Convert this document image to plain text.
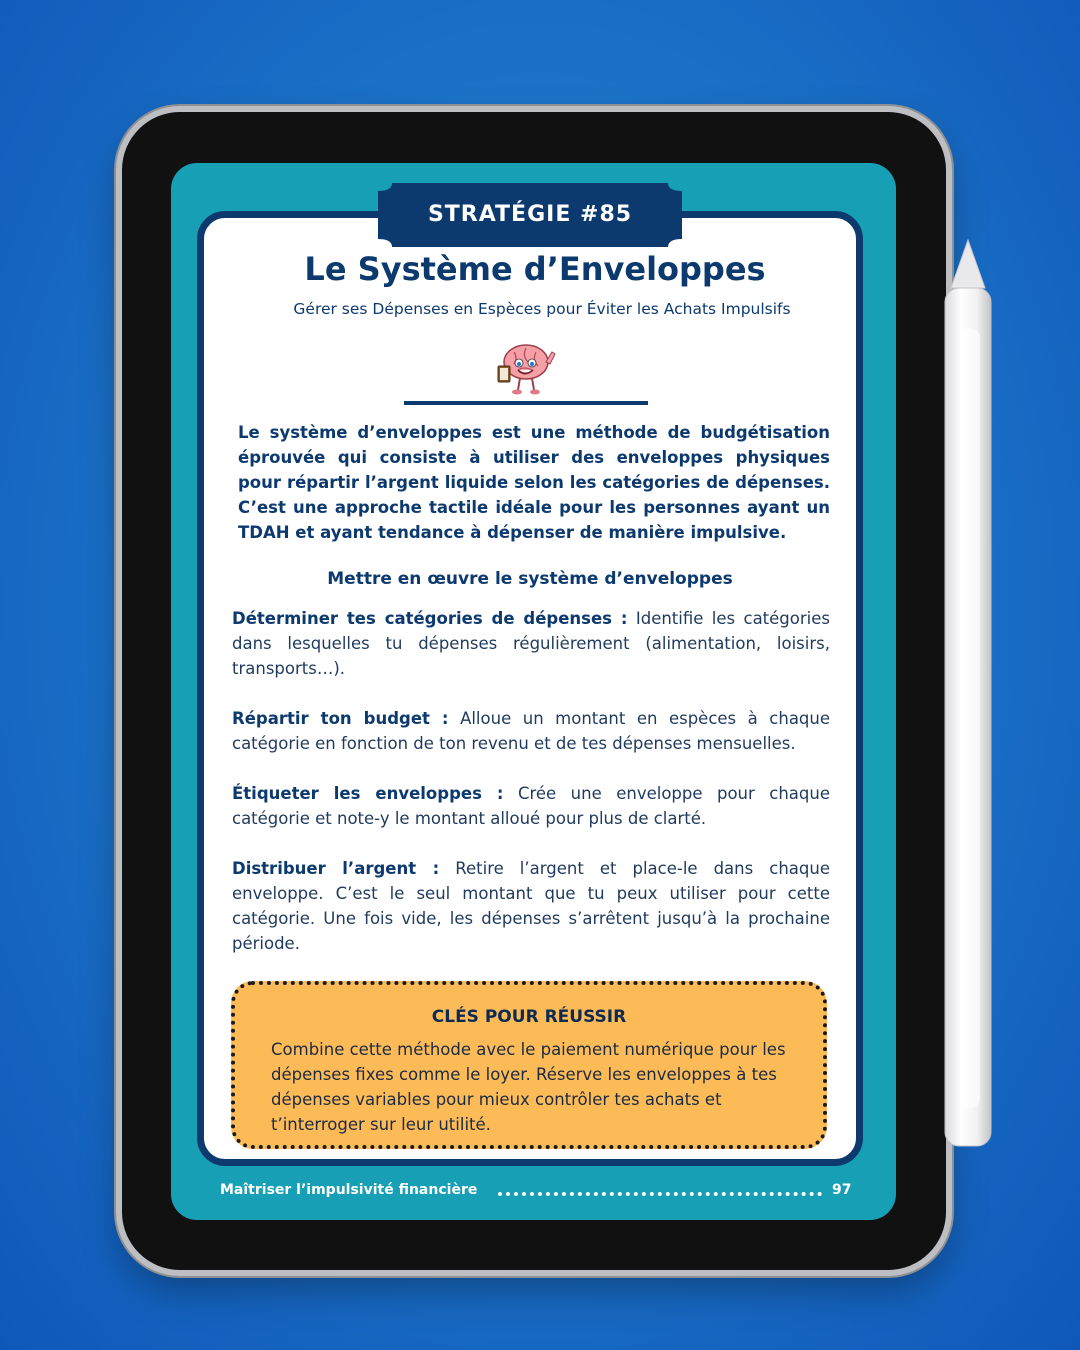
STRATÉGIE #85
Le Système d’Enveloppes
Gérer ses Dépenses en Espèces pour Éviter les Achats Impulsifs
Le système d’enveloppes est une méthode de budgétisation éprouvée qui consiste à utiliser des enveloppes physiques pour répartir l’argent liquide selon les catégories de dépenses. C’est une approche tactile idéale pour les personnes ayant un TDAH et ayant tendance à dépenser de manière impulsive.
Mettre en œuvre le système d’enveloppes

Déterminer tes catégories de dépenses : Identifie les catégories dans lesquelles tu dépenses régulièrement (alimentation, loisirs, transports…).

Répartir ton budget : Alloue un montant en espèces à chaque catégorie en fonction de ton revenu et de tes dépenses mensuelles.

Étiqueter les enveloppes : Crée une enveloppe pour chaque catégorie et note-y le montant alloué pour plus de clarté.

Distribuer l’argent : Retire l’argent et place-le dans chaque enveloppe. C’est le seul montant que tu peux utiliser pour cette catégorie. Une fois vide, les dépenses s’arrêtent jusqu’à la prochaine période.

CLÉS POUR RÉUSSIR
Combine cette méthode avec le paiement numérique pour les dépenses fixes comme le loyer. Réserve les enveloppes à tes dépenses variables pour mieux contrôler tes achats et t’interroger sur leur utilité.
Maîtriser l’impulsivité financière	97
